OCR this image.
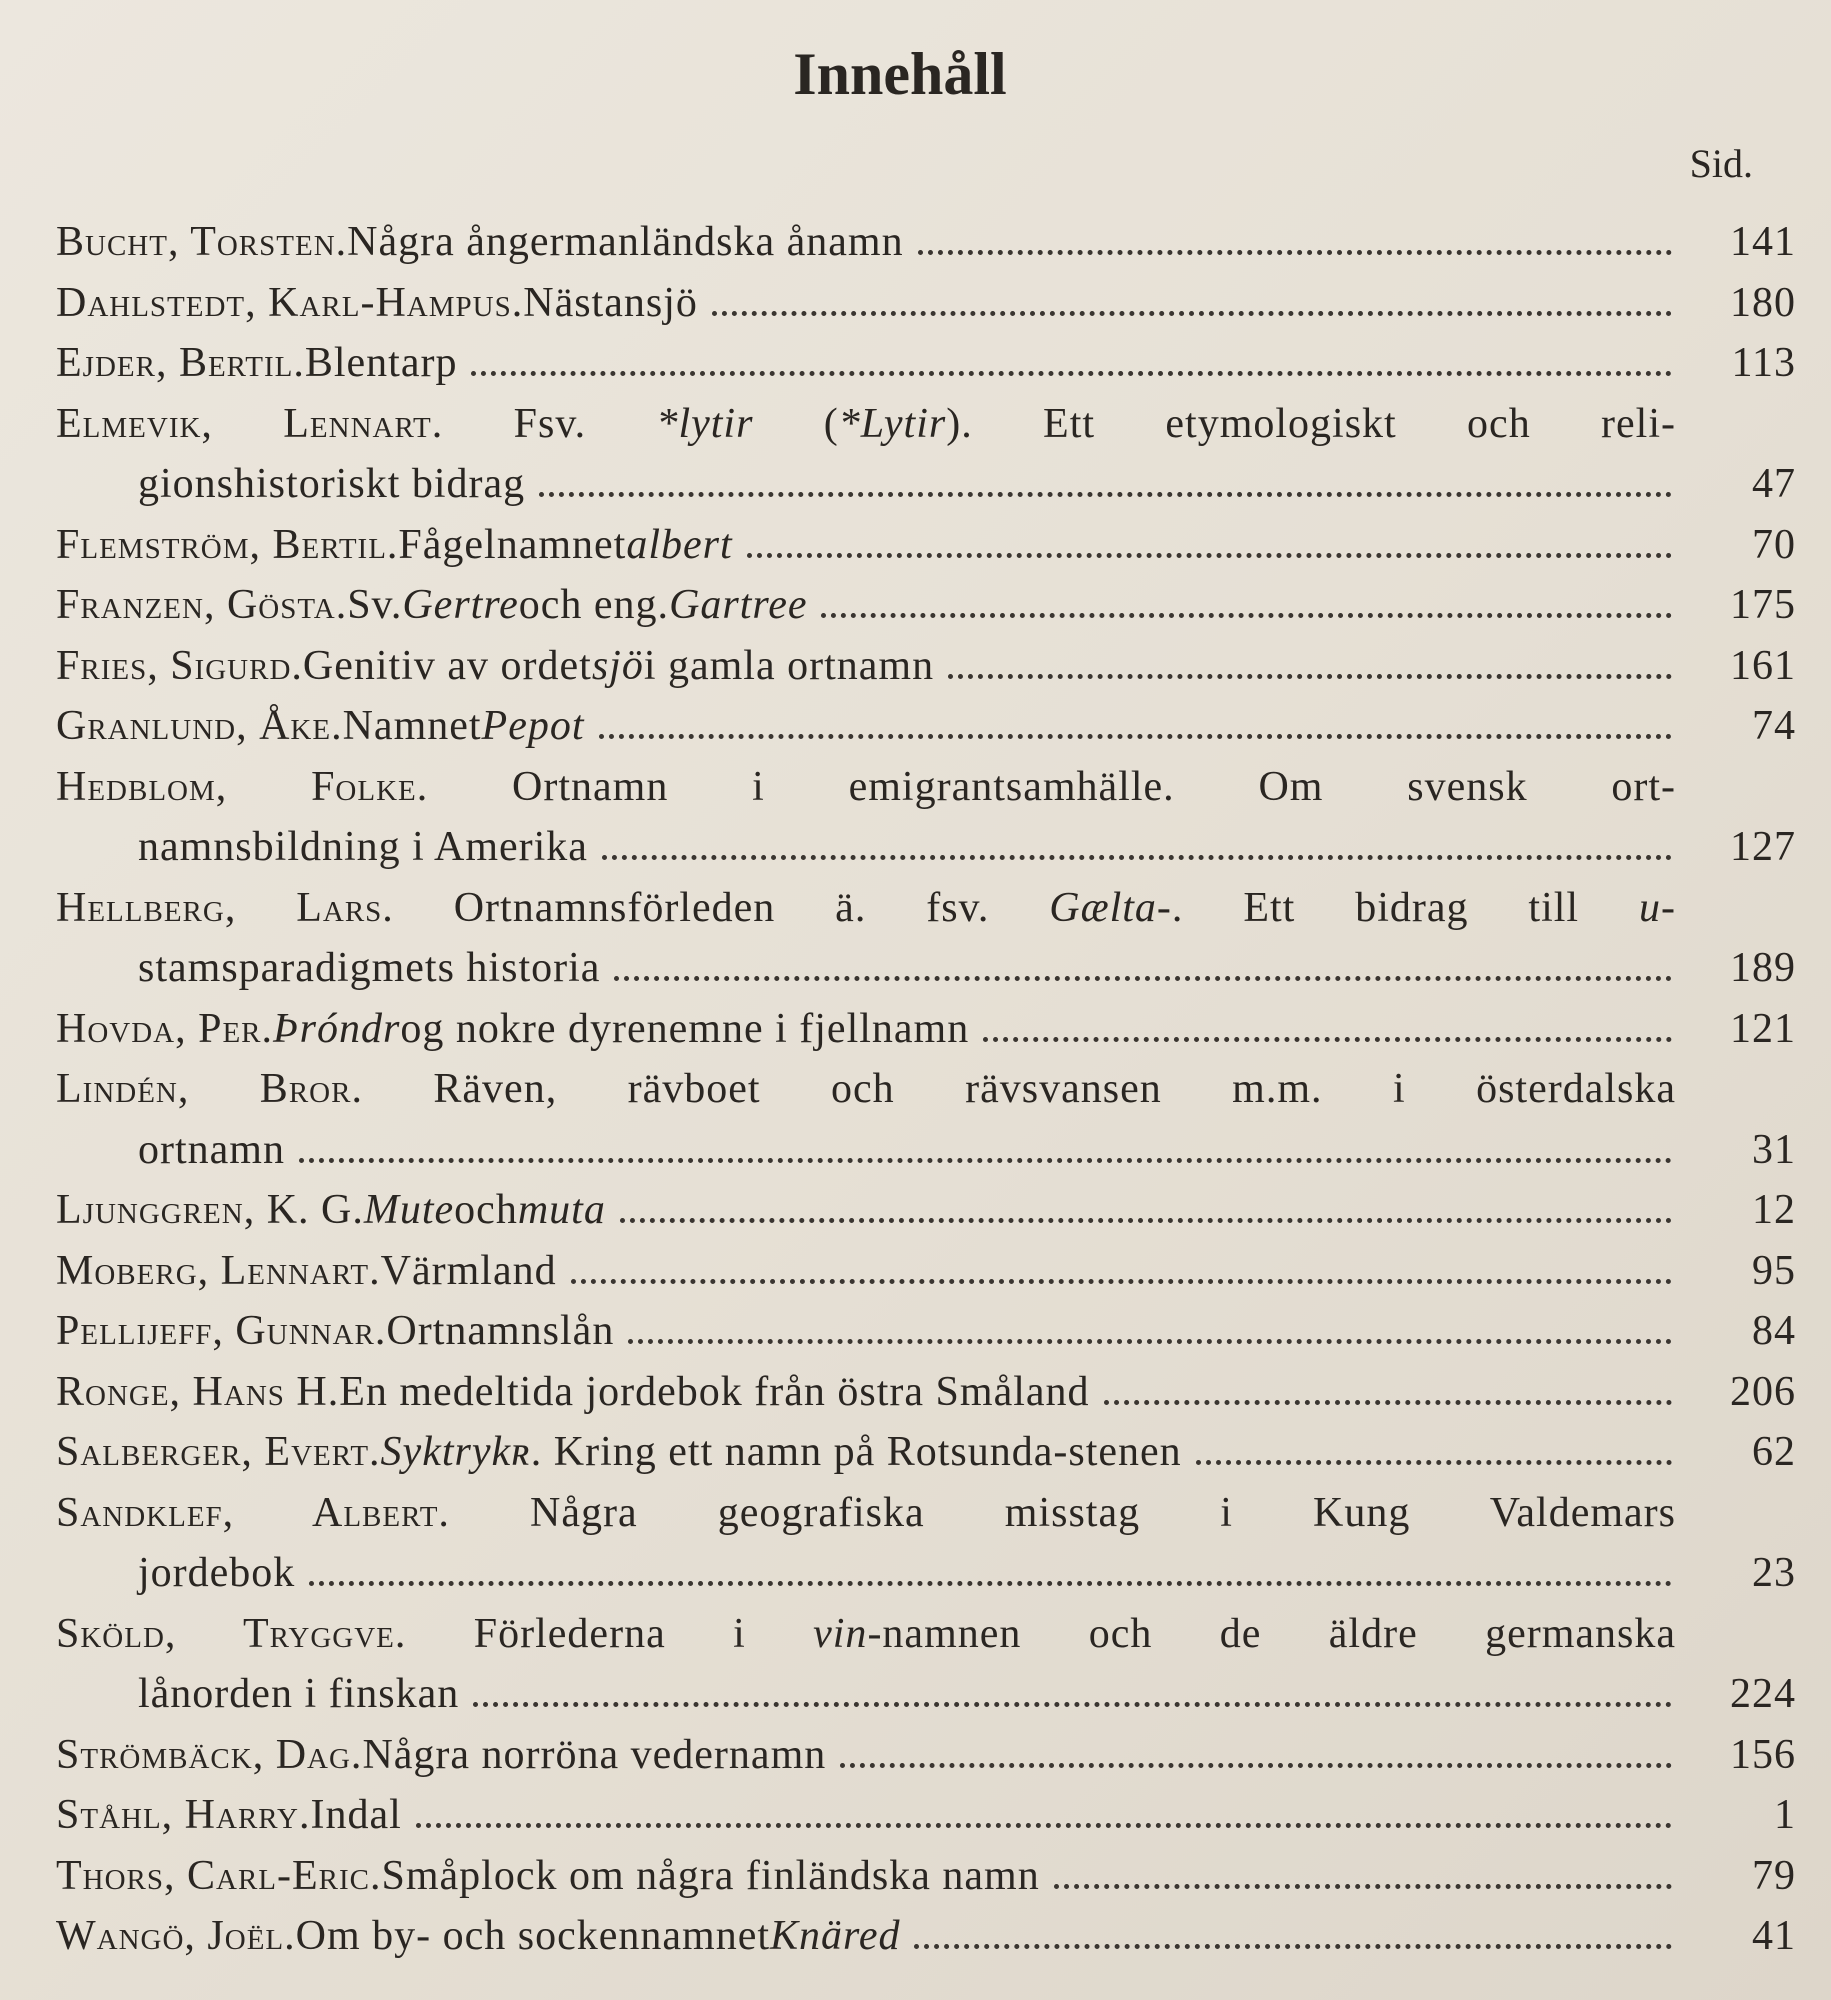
Innehåll
Sid.
Bucht, Torsten. Några ångermanländska ånamn	141
Dahlstedt, Karl-Hampus. Nästansjö	180
Ejder, Bertil. Blentarp	113
Elmevik, Lennart. Fsv. *lytir (*Lytir). Ett etymologiskt och reli-
gionshistoriskt bidrag	47
Flemström, Bertil. Fågelnamnet albert	70
Franzen, Gösta. Sv. Gertre och eng. Gartree	175
Fries, Sigurd. Genitiv av ordet sjö i gamla ortnamn	161
Granlund, Åke. Namnet Pepot	74
Hedblom, Folke. Ortnamn i emigrantsamhälle. Om svensk ort-
namnsbildning i Amerika	127
Hellberg, Lars. Ortnamnsförleden ä. fsv. Gælta-. Ett bidrag till u-
stamsparadigmets historia	189
Hovda, Per. Þróndr og nokre dyrenemne i fjellnamn	121
Lindén, Bror. Räven, rävboet och rävsvansen m.m. i österdalska
ortnamn	31
Ljunggren, K. G. Mute och muta	12
Moberg, Lennart. Värmland	95
Pellijeff, Gunnar. Ortnamnslån	84
Ronge, Hans H. En medeltida jordebok från östra Småland	206
Salberger, Evert. Syktrykʀ . Kring ett namn på Rotsunda-stenen	62
Sandklef, Albert. Några geografiska misstag i Kung Valdemars
jordebok	23
Sköld, Tryggve. Förlederna i vin-namnen och de äldre germanska
lånorden i finskan	224
Strömbäck, Dag. Några norröna vedernamn	156
Ståhl, Harry. Indal	1
Thors, Carl-Eric. Småplock om några finländska namn	79
Wangö, Joël. Om by- och sockennamnet Knäred	41
